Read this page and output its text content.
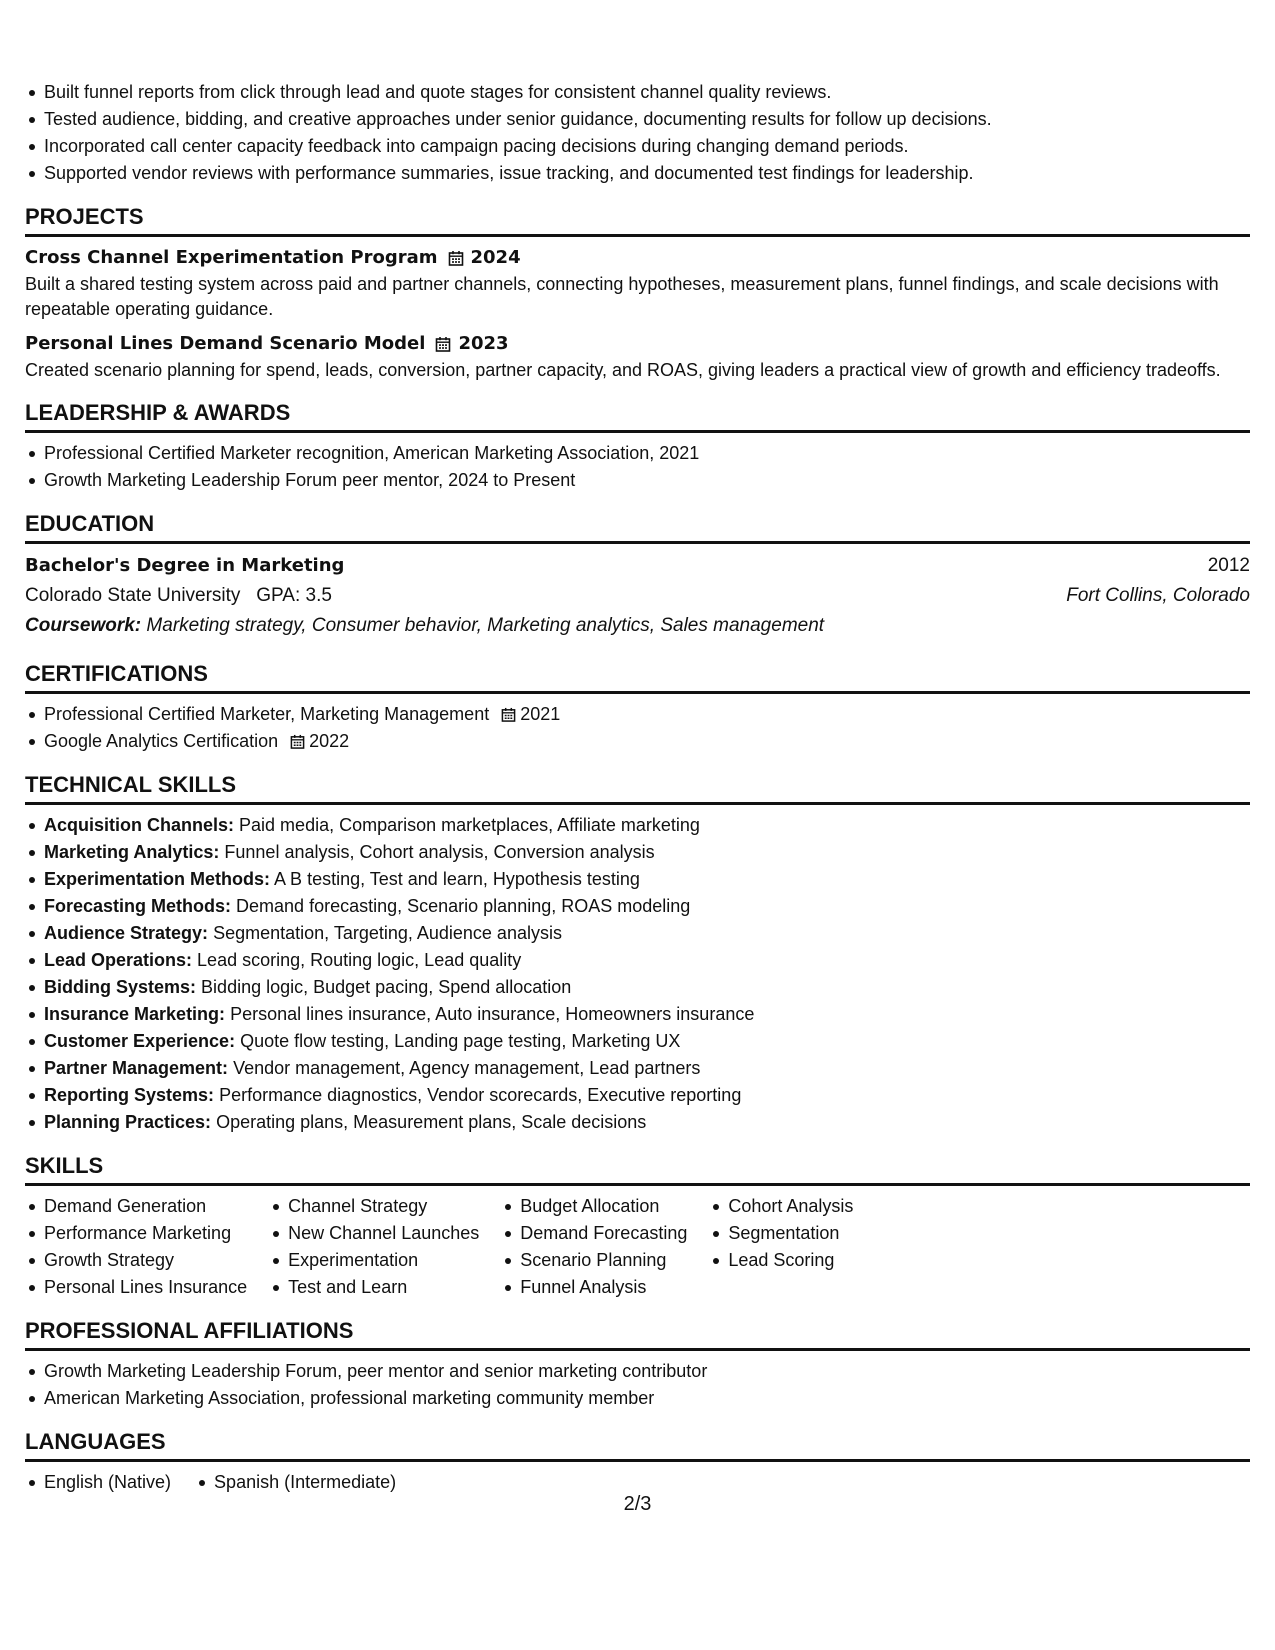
Built funnel reports from click through lead and quote stages for consistent channel quality reviews.
Tested audience, bidding, and creative approaches under senior guidance, documenting results for follow up decisions.
Incorporated call center capacity feedback into campaign pacing decisions during changing demand periods.
Supported vendor reviews with performance summaries, issue tracking, and documented test findings for leadership.
PROJECTS
Cross Channel Experimentation Program 2024
Built a shared testing system across paid and partner channels, connecting hypotheses, measurement plans, funnel findings, and scale decisions with repeatable operating guidance.
Personal Lines Demand Scenario Model 2023
Created scenario planning for spend, leads, conversion, partner capacity, and ROAS, giving leaders a practical view of growth and efficiency tradeoffs.
LEADERSHIP & AWARDS
Professional Certified Marketer recognition, American Marketing Association, 2021
Growth Marketing Leadership Forum peer mentor, 2024 to Present
EDUCATION
Bachelor's Degree in Marketing	2012
Colorado State University   GPA: 3.5	Fort Collins, Colorado
Coursework: Marketing strategy, Consumer behavior, Marketing analytics, Sales management
CERTIFICATIONS
Professional Certified Marketer, Marketing Management 2021
Google Analytics Certification 2022
TECHNICAL SKILLS
Acquisition Channels: Paid media, Comparison marketplaces, Affiliate marketing
Marketing Analytics: Funnel analysis, Cohort analysis, Conversion analysis
Experimentation Methods: A B testing, Test and learn, Hypothesis testing
Forecasting Methods: Demand forecasting, Scenario planning, ROAS modeling
Audience Strategy: Segmentation, Targeting, Audience analysis
Lead Operations: Lead scoring, Routing logic, Lead quality
Bidding Systems: Bidding logic, Budget pacing, Spend allocation
Insurance Marketing: Personal lines insurance, Auto insurance, Homeowners insurance
Customer Experience: Quote flow testing, Landing page testing, Marketing UX
Partner Management: Vendor management, Agency management, Lead partners
Reporting Systems: Performance diagnostics, Vendor scorecards, Executive reporting
Planning Practices: Operating plans, Measurement plans, Scale decisions
SKILLS
Demand Generation
Performance Marketing
Growth Strategy
Personal Lines Insurance
Channel Strategy
New Channel Launches
Experimentation
Test and Learn
Budget Allocation
Demand Forecasting
Scenario Planning
Funnel Analysis
Cohort Analysis
Segmentation
Lead Scoring
PROFESSIONAL AFFILIATIONS
Growth Marketing Leadership Forum, peer mentor and senior marketing contributor
American Marketing Association, professional marketing community member
LANGUAGES
English (Native)	Spanish (Intermediate)
2/3
